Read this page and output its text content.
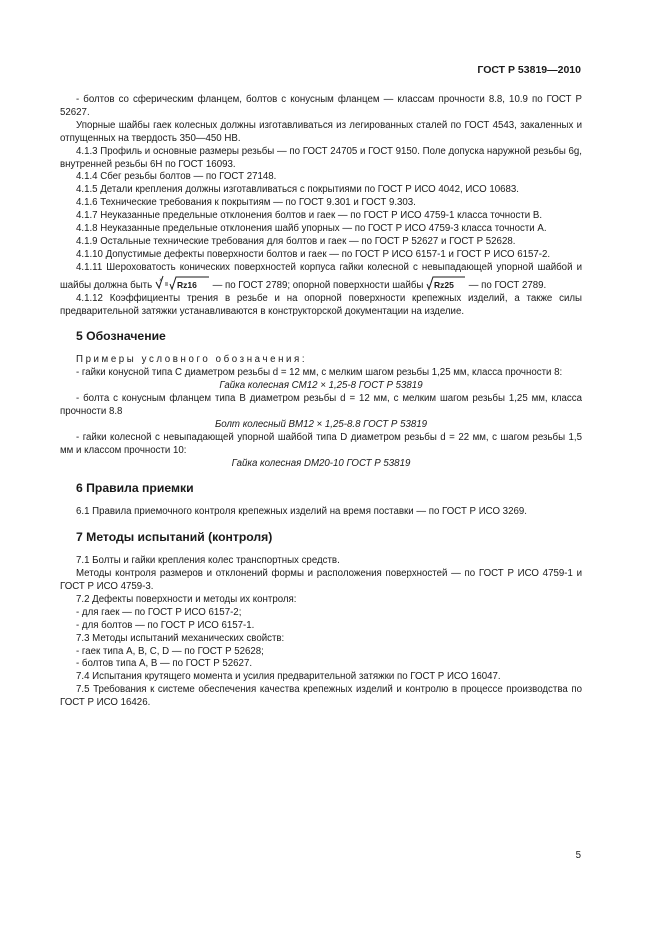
ГОСТ Р 53819—2010

- болтов со сферическим фланцем, болтов с конусным фланцем — классам прочности 8.8, 10.9 по ГОСТ Р 52627.

Упорные шайбы гаек колесных должны изготавливаться из легированных сталей по ГОСТ 4543, закаленных и отпущенных на твердость 350—450 НВ.

4.1.3 Профиль и основные размеры резьбы — по ГОСТ 24705 и ГОСТ 9150. Поле допуска наружной резьбы 6g, внутренней резьбы 6Н по ГОСТ 16093.

4.1.4 Сбег резьбы болтов — по ГОСТ 27148.

4.1.5 Детали крепления должны изготавливаться с покрытиями по ГОСТ Р ИСО 4042, ИСО 10683.

4.1.6 Технические требования к покрытиям — по ГОСТ 9.301 и ГОСТ 9.303.

4.1.7 Неуказанные предельные отклонения болтов и гаек — по ГОСТ Р ИСО 4759-1 класса точности В.

4.1.8 Неуказанные предельные отклонения шайб упорных — по ГОСТ Р ИСО 4759-3 класса точности А.

4.1.9 Остальные технические требования для болтов и гаек — по ГОСТ Р 52627 и ГОСТ Р 52628.

4.1.10 Допустимые дефекты поверхности болтов и гаек — по ГОСТ Р ИСО 6157-1 и ГОСТ Р ИСО 6157-2.

4.1.11 Шероховатость конических поверхностей корпуса гайки колесной с невыпадающей упорной шайбой и шайбы должна быть
x
Rz16 — по ГОСТ 2789; опорной поверхности шайбы Rz25 — по ГОСТ 2789.

4.1.12 Коэффициенты трения в резьбе и на опорной поверхности крепежных изделий, а также силы предварительной затяжки устанавливаются в конструкторской документации на изделие.

5 Обозначение

Примеры условного обозначения:

- гайки конусной типа С диаметром резьбы d = 12 мм, с мелким шагом резьбы 1,25 мм, класса прочности 8:

Гайка колесная CM12 × 1,25-8 ГОСТ Р 53819

- болта с конусным фланцем типа В диаметром резьбы d = 12 мм, с мелким шагом резьбы 1,25 мм, класса прочности 8.8

Болт колесный BM12 × 1,25-8.8 ГОСТ Р 53819

- гайки колесной с невыпадающей упорной шайбой типа D диаметром резьбы d = 22 мм, с шагом резьбы 1,5 мм и классом прочности 10:

Гайка колесная DM20-10 ГОСТ Р 53819

6 Правила приемки

6.1 Правила приемочного контроля крепежных изделий на время поставки — по ГОСТ Р ИСО 3269.

7 Методы испытаний (контроля)

7.1 Болты и гайки крепления колес транспортных средств.

Методы контроля размеров и отклонений формы и расположения поверхностей — по ГОСТ Р ИСО 4759-1 и ГОСТ Р ИСО 4759-3.

7.2 Дефекты поверхности и методы их контроля:

- для гаек — по ГОСТ Р ИСО 6157-2;

- для болтов — по ГОСТ Р ИСО 6157-1.

7.3 Методы испытаний механических свойств:

- гаек типа А, В, С, D — по ГОСТ Р 52628;

- болтов типа А, В — по ГОСТ Р 52627.

7.4 Испытания крутящего момента и усилия предварительной затяжки по ГОСТ Р ИСО 16047.

7.5 Требования к системе обеспечения качества крепежных изделий и контролю в процессе производства по ГОСТ Р ИСО 16426.

5
